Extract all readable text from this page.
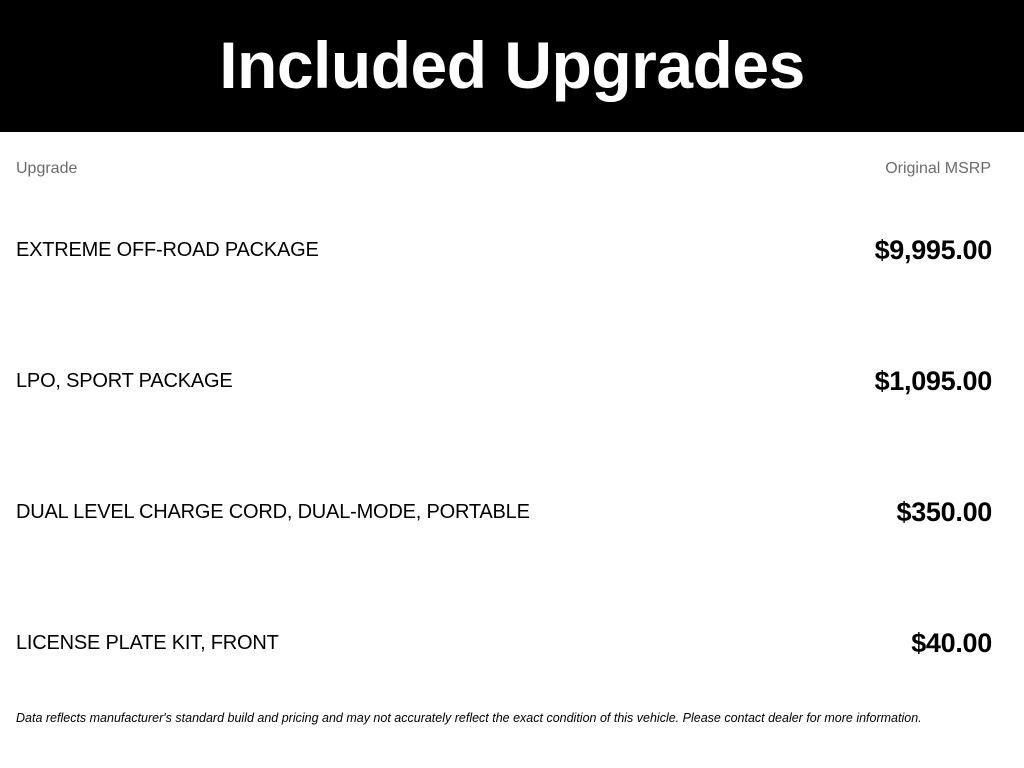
Included Upgrades
Upgrade	Original MSRP
EXTREME OFF-ROAD PACKAGE	$9,995.00
LPO, SPORT PACKAGE	$1,095.00
DUAL LEVEL CHARGE CORD, DUAL-MODE, PORTABLE	$350.00
LICENSE PLATE KIT, FRONT	$40.00
Data reflects manufacturer's standard build and pricing and may not accurately reflect the exact condition of this vehicle. Please contact dealer for more information.
